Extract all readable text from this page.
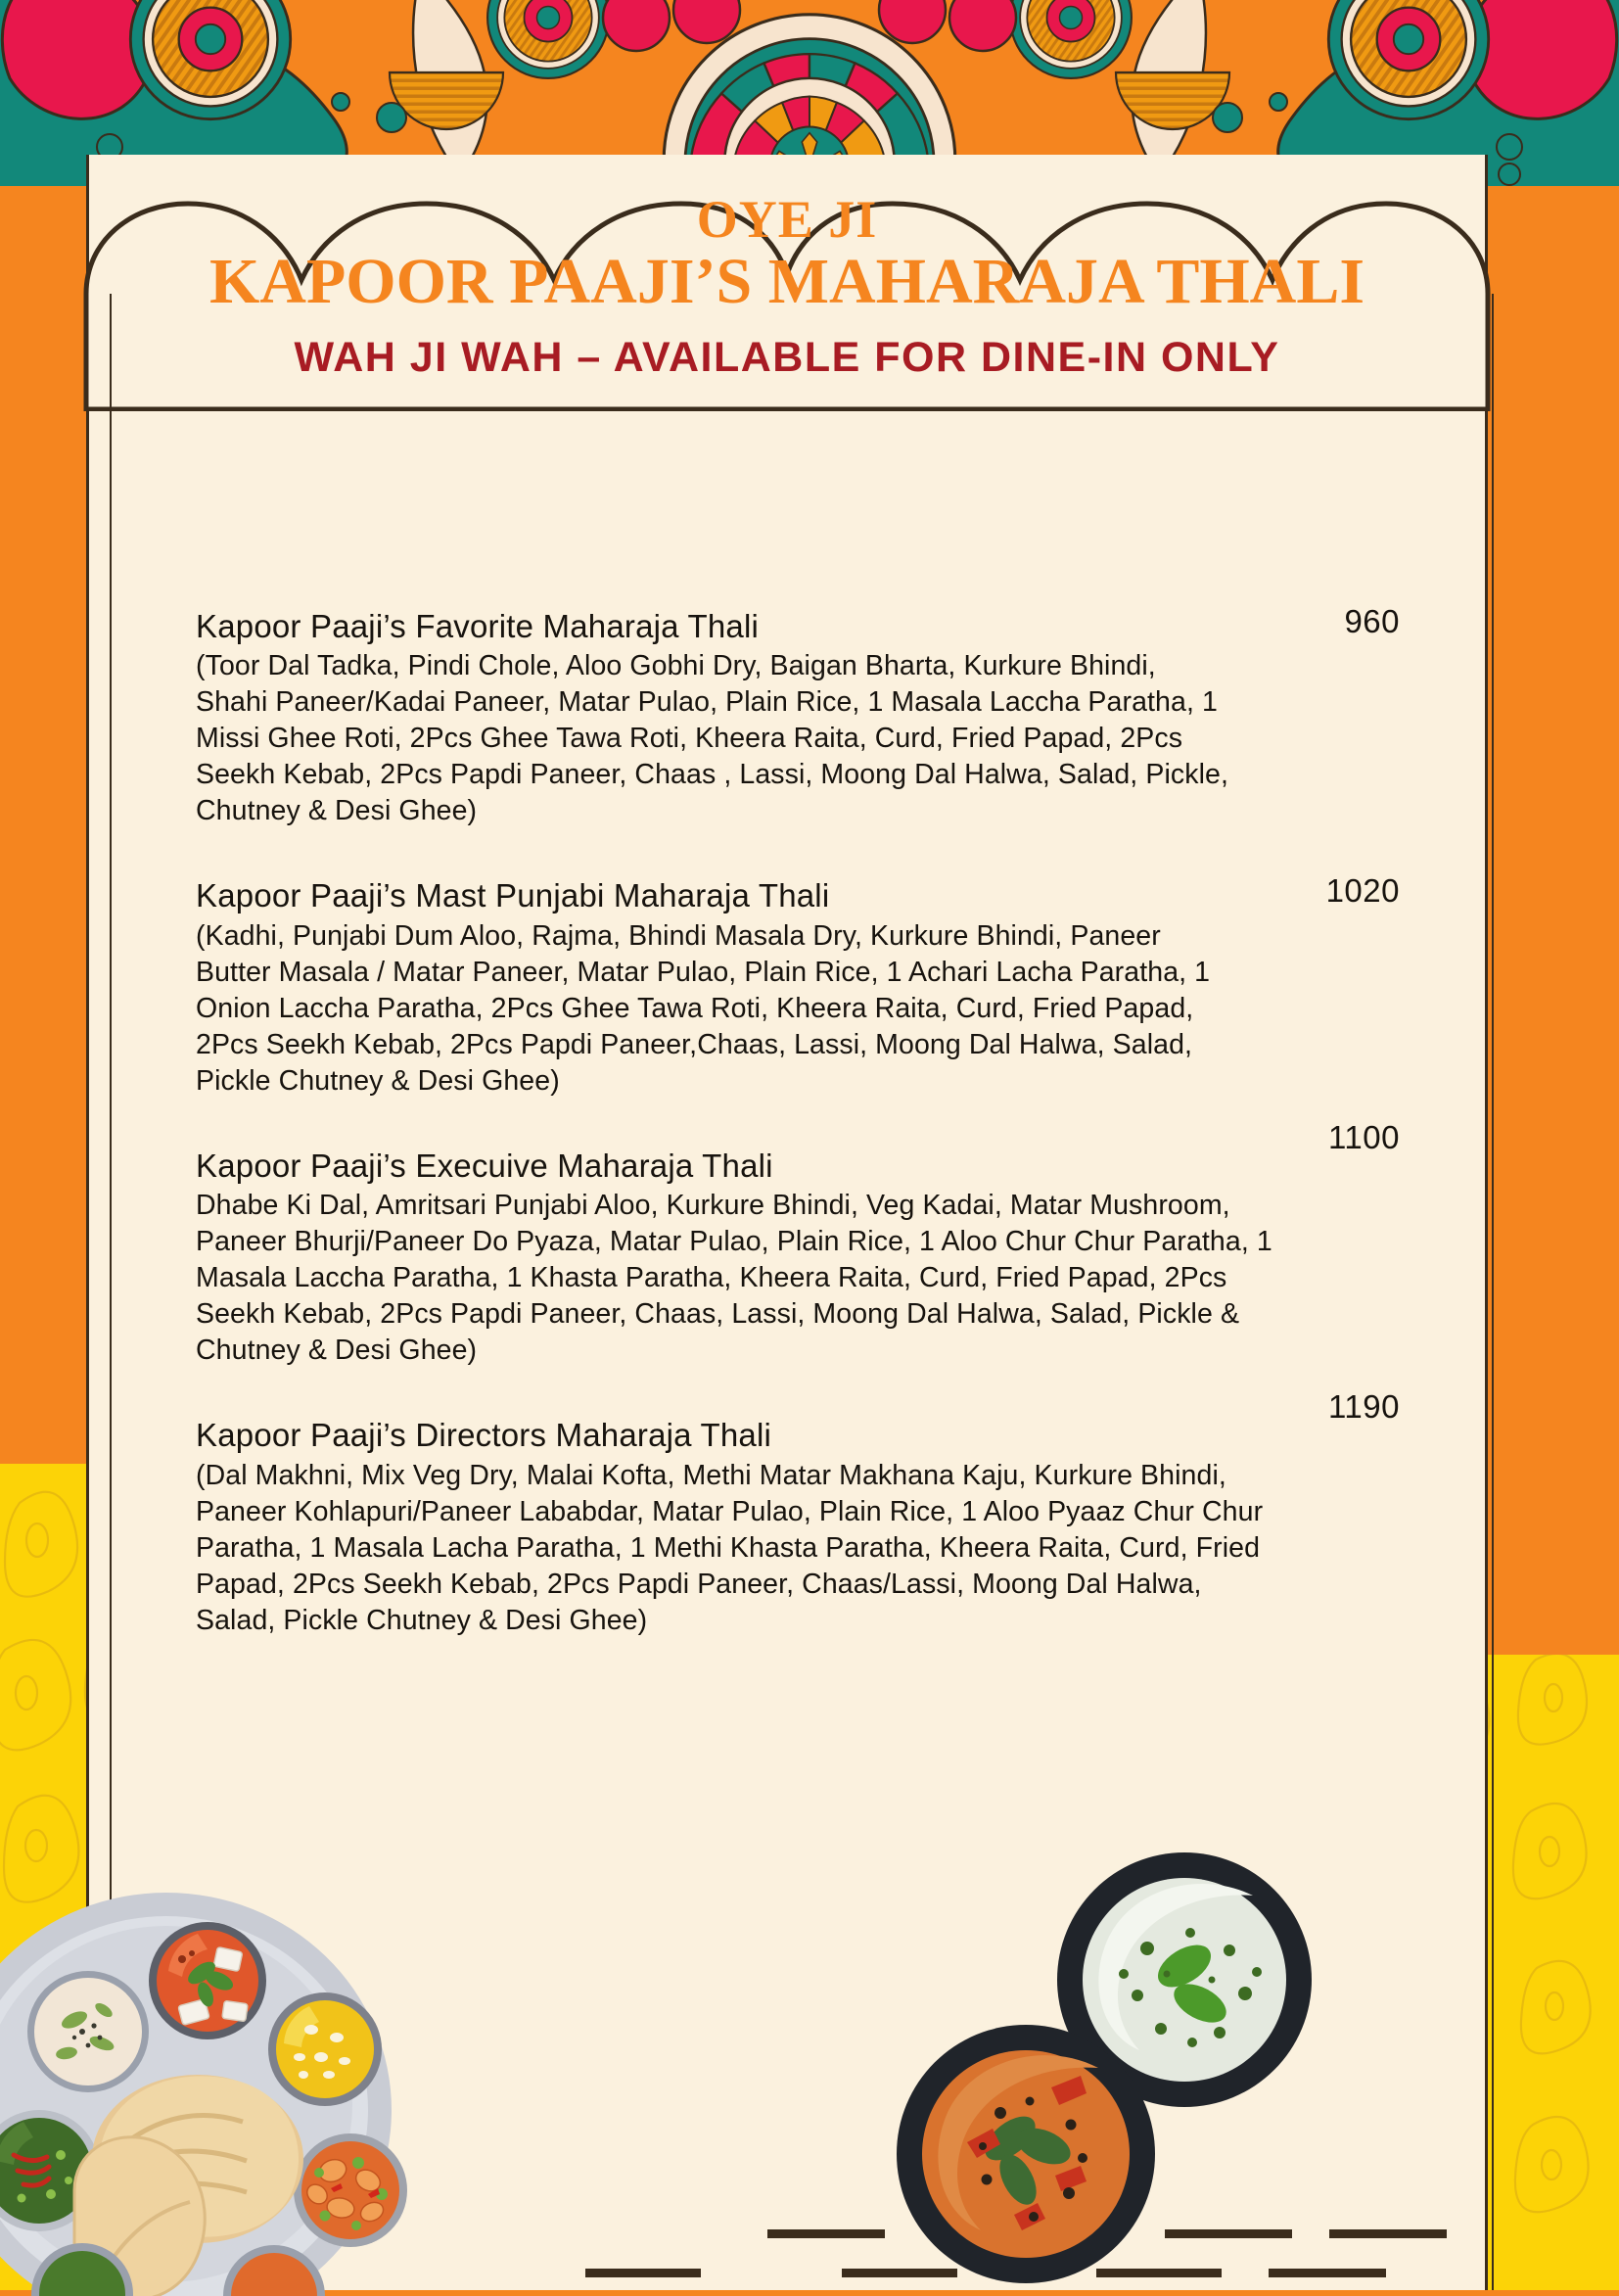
OYE JI
KAPOOR PAAJI’S MAHARAJA THALI
WAH JI WAH – AVAILABLE FOR DINE-IN ONLY
Kapoor Paaji’s Favorite Maharaja Thali
(Toor Dal Tadka, Pindi Chole, Aloo Gobhi Dry, Baigan Bharta, Kurkure Bhindi, Shahi Paneer/Kadai Paneer, Matar Pulao, Plain Rice, 1 Masala Laccha Paratha, 1 Missi Ghee Roti, 2Pcs Ghee Tawa Roti, Kheera Raita, Curd, Fried Papad, 2Pcs Seekh Kebab, 2Pcs Papdi Paneer, Chaas , Lassi, Moong Dal Halwa, Salad, Pickle, Chutney & Desi Ghee)
960
Kapoor Paaji’s Mast Punjabi Maharaja Thali
(Kadhi, Punjabi Dum Aloo, Rajma, Bhindi Masala Dry, Kurkure Bhindi, Paneer Butter Masala / Matar Paneer, Matar Pulao, Plain Rice, 1 Achari Lacha Paratha, 1 Onion Laccha Paratha, 2Pcs Ghee Tawa Roti, Kheera Raita, Curd, Fried Papad, 2Pcs Seekh Kebab, 2Pcs Papdi Paneer,Chaas, Lassi, Moong Dal Halwa, Salad, Pickle Chutney & Desi Ghee)
1020
Kapoor Paaji’s Execuive Maharaja Thali
Dhabe Ki Dal, Amritsari Punjabi Aloo, Kurkure Bhindi, Veg Kadai, Matar Mushroom, Paneer Bhurji/Paneer Do Pyaza, Matar Pulao, Plain Rice, 1 Aloo Chur Chur Paratha, 1 Masala Laccha Paratha, 1 Khasta Paratha, Kheera Raita, Curd, Fried Papad, 2Pcs Seekh Kebab, 2Pcs Papdi Paneer, Chaas, Lassi, Moong Dal Halwa, Salad, Pickle & Chutney & Desi Ghee)
1100
Kapoor Paaji’s Directors Maharaja Thali
(Dal Makhni, Mix Veg Dry, Malai Kofta, Methi Matar Makhana Kaju, Kurkure Bhindi, Paneer Kohlapuri/Paneer Lababdar, Matar Pulao, Plain Rice, 1 Aloo Pyaaz Chur Chur Paratha, 1 Masala Lacha Paratha, 1 Methi Khasta Paratha, Kheera Raita, Curd, Fried Papad, 2Pcs Seekh Kebab, 2Pcs Papdi Paneer, Chaas/Lassi, Moong Dal Halwa, Salad, Pickle Chutney & Desi Ghee)
1190
